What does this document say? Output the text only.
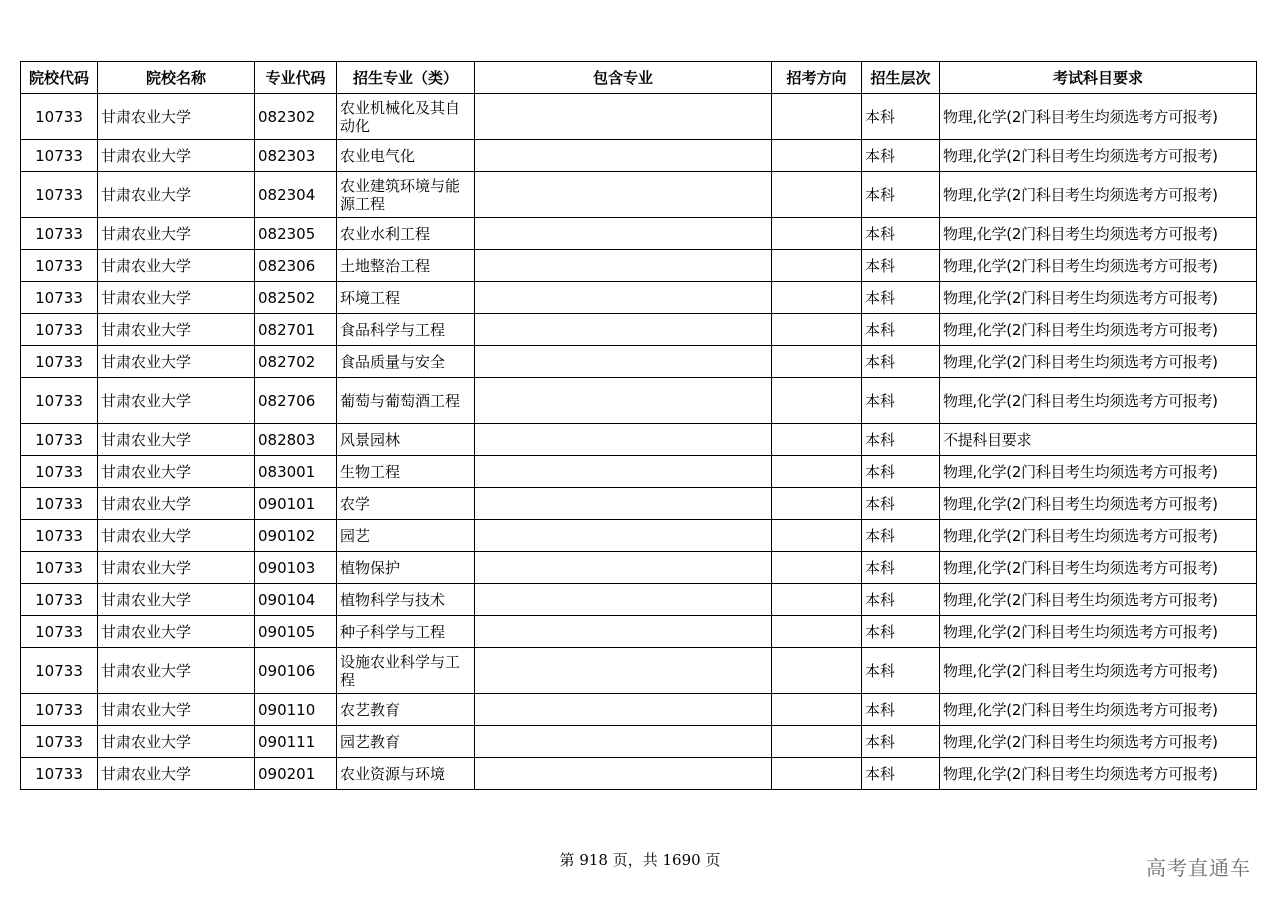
院校代码	院校名称	专业代码	招生专业（类）	包含专业	招考方向	招生层次	考试科目要求
10733	甘肃农业大学	082302	农业机械化及其自动化			本科	物理,化学(2门科目考生均须选考方可报考)
10733	甘肃农业大学	082303	农业电气化			本科	物理,化学(2门科目考生均须选考方可报考)
10733	甘肃农业大学	082304	农业建筑环境与能源工程			本科	物理,化学(2门科目考生均须选考方可报考)
10733	甘肃农业大学	082305	农业水利工程			本科	物理,化学(2门科目考生均须选考方可报考)
10733	甘肃农业大学	082306	土地整治工程			本科	物理,化学(2门科目考生均须选考方可报考)
10733	甘肃农业大学	082502	环境工程			本科	物理,化学(2门科目考生均须选考方可报考)
10733	甘肃农业大学	082701	食品科学与工程			本科	物理,化学(2门科目考生均须选考方可报考)
10733	甘肃农业大学	082702	食品质量与安全			本科	物理,化学(2门科目考生均须选考方可报考)
10733	甘肃农业大学	082706	葡萄与葡萄酒工程			本科	物理,化学(2门科目考生均须选考方可报考)
10733	甘肃农业大学	082803	风景园林			本科	不提科目要求
10733	甘肃农业大学	083001	生物工程			本科	物理,化学(2门科目考生均须选考方可报考)
10733	甘肃农业大学	090101	农学			本科	物理,化学(2门科目考生均须选考方可报考)
10733	甘肃农业大学	090102	园艺			本科	物理,化学(2门科目考生均须选考方可报考)
10733	甘肃农业大学	090103	植物保护			本科	物理,化学(2门科目考生均须选考方可报考)
10733	甘肃农业大学	090104	植物科学与技术			本科	物理,化学(2门科目考生均须选考方可报考)
10733	甘肃农业大学	090105	种子科学与工程			本科	物理,化学(2门科目考生均须选考方可报考)
10733	甘肃农业大学	090106	设施农业科学与工程			本科	物理,化学(2门科目考生均须选考方可报考)
10733	甘肃农业大学	090110	农艺教育			本科	物理,化学(2门科目考生均须选考方可报考)
10733	甘肃农业大学	090111	园艺教育			本科	物理,化学(2门科目考生均须选考方可报考)
10733	甘肃农业大学	090201	农业资源与环境			本科	物理,化学(2门科目考生均须选考方可报考)
第 918 页，共 1690 页	高考直通车
